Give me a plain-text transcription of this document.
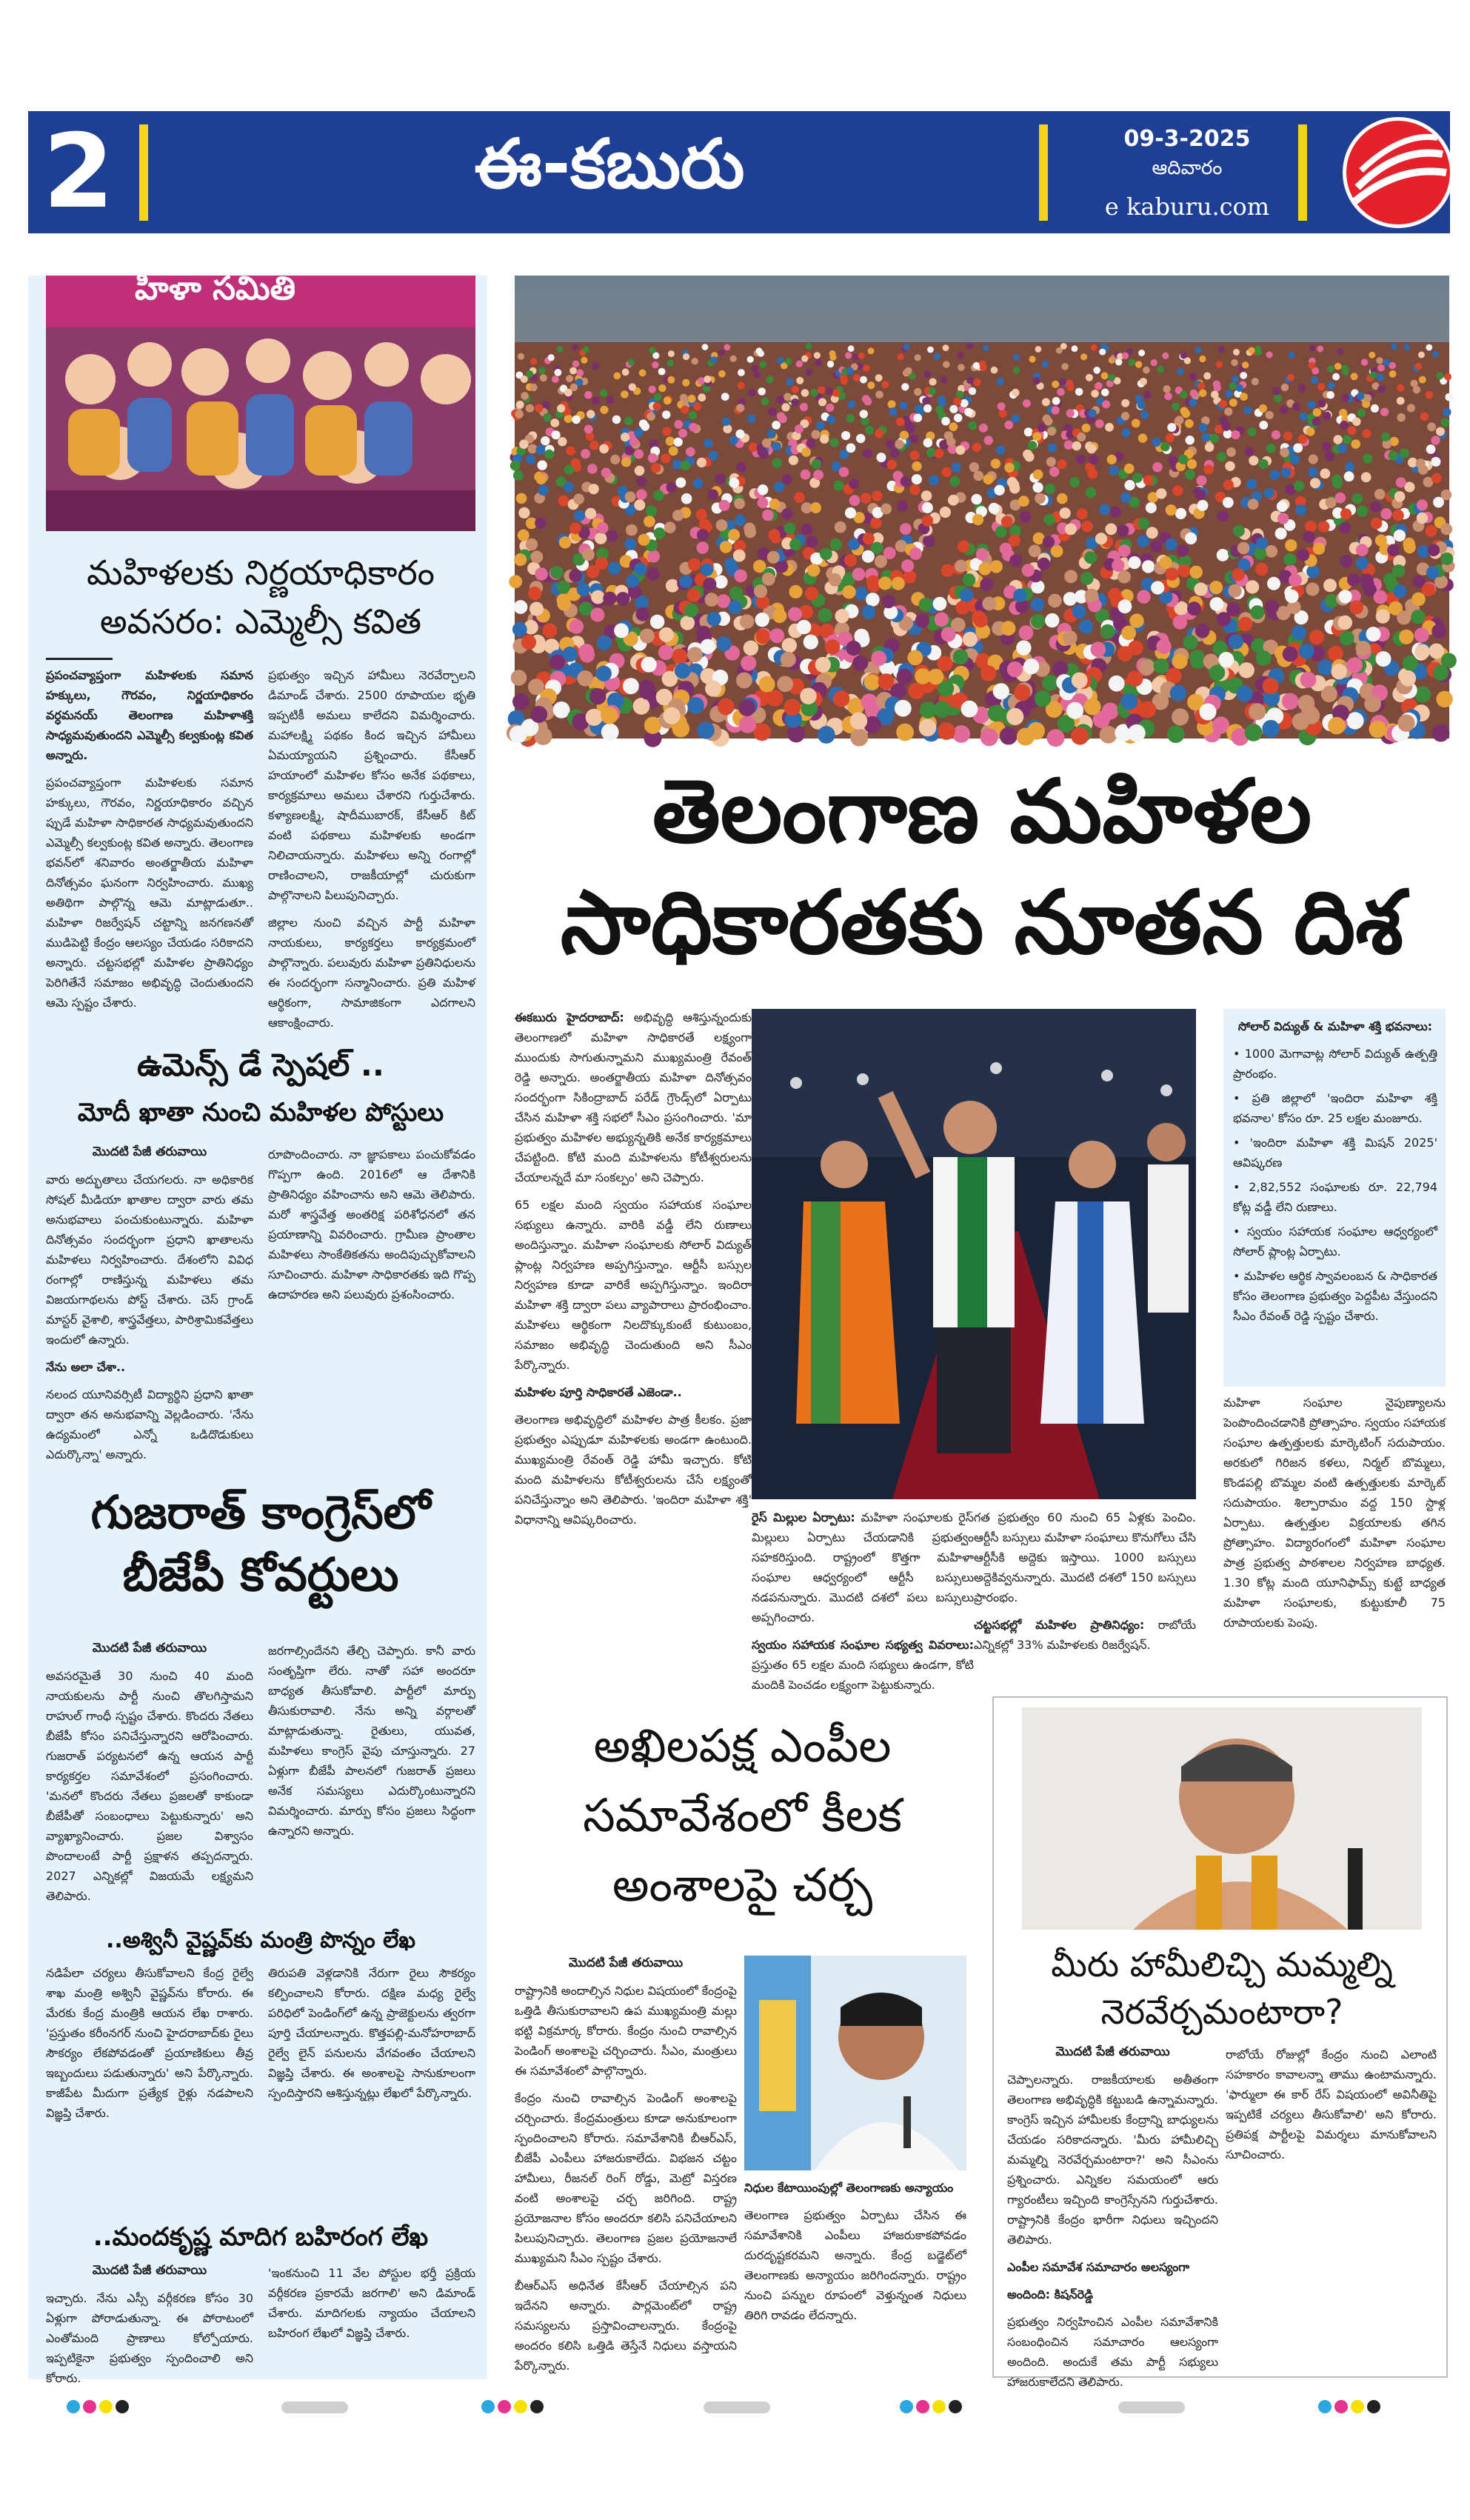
2	ఈ-కబురు	09-3-2025
ఆదివారం
e kaburu.com
హిళా సమితి
మహిళలకు నిర్ణయాధికారం
అవసరం: ఎమ్మెల్సీ కవిత

ప్రపంచవ్యాప్తంగా మహిళలకు సమాన హక్కులు, గౌరవం, నిర్ణయాధికారం వర్ధమనయ్ తెలంగాణ మహిళాశక్తి సాధ్యమవుతుందని ఎమ్మెల్సీ కల్వకుంట్ల కవిత అన్నారు.

ప్రపంచవ్యాప్తంగా మహిళలకు సమాన హక్కులు, గౌరవం, నిర్ణయాధికారం వచ్చిన ప్పుడే మహిళా సాధికారత సాధ్యమవుతుందని ఎమ్మెల్సీ కల్వకుంట్ల కవిత అన్నారు. తెలంగాణ భవన్‌లో శనివారం అంతర్జాతీయ మహిళా దినోత్సవం ఘనంగా నిర్వహించారు. ముఖ్య అతిథిగా పాల్గొన్న ఆమె మాట్లాడుతూ.. మహిళా రిజర్వేషన్ చట్టాన్ని జనగణనతో ముడిపెట్టి కేంద్రం ఆలస్యం చేయడం సరికాదని అన్నారు. చట్టసభల్లో మహిళల ప్రాతినిధ్యం పెరిగితేనే సమాజం అభివృద్ధి చెందుతుందని ఆమె స్పష్టం చేశారు.

ప్రభుత్వం ఇచ్చిన హామీలు నెరవేర్చాలని డిమాండ్ చేశారు. 2500 రూపాయల భృతి ఇప్పటికీ అమలు కాలేదని విమర్శించారు. మహాలక్ష్మి పథకం కింద ఇచ్చిన హామీలు ఏమయ్యాయని ప్రశ్నించారు. కేసీఆర్ హయాంలో మహిళల కోసం అనేక పథకాలు, కార్యక్రమాలు అమలు చేశారని గుర్తుచేశారు. కళ్యాణలక్ష్మి, షాదీముబారక్, కేసీఆర్ కిట్ వంటి పథకాలు మహిళలకు అండగా నిలిచాయన్నారు. మహిళలు అన్ని రంగాల్లో రాణించాలని, రాజకీయాల్లో చురుకుగా పాల్గొనాలని పిలుపునిచ్చారు.

జిల్లాల నుంచి వచ్చిన పార్టీ మహిళా నాయకులు, కార్యకర్తలు కార్యక్రమంలో పాల్గొన్నారు. పలువురు మహిళా ప్రతినిధులను ఈ సందర్భంగా సన్మానించారు. ప్రతి మహిళ ఆర్థికంగా, సామాజికంగా ఎదగాలని ఆకాంక్షించారు.

ఉమెన్స్ డే స్పెషల్ ..
మోదీ ఖాతా నుంచి మహిళల పోస్టులు

మొదటి పేజీ తరువాయి

వారు అద్భుతాలు చేయగలరు. నా అధికారిక సోషల్ మీడియా ఖాతాల ద్వారా వారు తమ అనుభవాలు పంచుకుంటున్నారు. మహిళా దినోత్సవం సందర్భంగా ప్రధాని ఖాతాలను మహిళలు నిర్వహించారు. దేశంలోని వివిధ రంగాల్లో రాణిస్తున్న మహిళలు తమ విజయగాథలను పోస్ట్ చేశారు. చెస్ గ్రాండ్ మాస్టర్ వైశాలి, శాస్త్రవేత్తలు, పారిశ్రామికవేత్తలు ఇందులో ఉన్నారు.

నేను అలా చేశా..

నలంద యూనివర్సిటీ విద్యార్థిని ప్రధాని ఖాతా ద్వారా తన అనుభవాన్ని వెల్లడించారు. 'నేను ఉద్యమంలో ఎన్నో ఒడిదొడుకులు ఎదుర్కొన్నా' అన్నారు.

రూపొందించారు. నా జ్ఞాపకాలు పంచుకోవడం గొప్పగా ఉంది. 2016లో ఆ దేశానికి ప్రాతినిధ్యం వహించాను అని ఆమె తెలిపారు. మరో శాస్త్రవేత్త అంతరిక్ష పరిశోధనలో తన ప్రయాణాన్ని వివరించారు. గ్రామీణ ప్రాంతాల మహిళలు సాంకేతికతను అందిపుచ్చుకోవాలని సూచించారు. మహిళా సాధికారతకు ఇది గొప్ప ఉదాహరణ అని పలువురు ప్రశంసించారు.

గుజరాత్ కాంగ్రెస్‌లో
బీజేపీ కోవర్టులు

మొదటి పేజీ తరువాయి

అవసరమైతే 30 నుంచి 40 మంది నాయకులను పార్టీ నుంచి తొలగిస్తామని రాహుల్ గాంధీ స్పష్టం చేశారు. కొందరు నేతలు బీజేపీ కోసం పనిచేస్తున్నారని ఆరోపించారు. గుజరాత్ పర్యటనలో ఉన్న ఆయన పార్టీ కార్యకర్తల సమావేశంలో ప్రసంగించారు. 'మనలో కొందరు నేతలు ప్రజలతో కాకుండా బీజేపీతో సంబంధాలు పెట్టుకున్నారు' అని వ్యాఖ్యానించారు. ప్రజల విశ్వాసం పొందాలంటే పార్టీ ప్రక్షాళన తప్పదన్నారు. 2027 ఎన్నికల్లో విజయమే లక్ష్యమని తెలిపారు.

జరగాల్సిందేనని తేల్చి చెప్పారు. కానీ వారు సంతృప్తిగా లేరు. నాతో సహా అందరూ బాధ్యత తీసుకోవాలి. పార్టీలో మార్పు తీసుకురావాలి. నేను అన్ని వర్గాలతో మాట్లాడుతున్నా. రైతులు, యువత, మహిళలు కాంగ్రెస్ వైపు చూస్తున్నారు. 27 ఏళ్లుగా బీజేపీ పాలనలో గుజరాత్ ప్రజలు అనేక సమస్యలు ఎదుర్కొంటున్నారని విమర్శించారు. మార్పు కోసం ప్రజలు సిద్ధంగా ఉన్నారని అన్నారు.

..అశ్వినీ వైష్ణవ్‌కు మంత్రి పొన్నం లేఖ

నడిపేలా చర్యలు తీసుకోవాలని కేంద్ర రైల్వే శాఖ మంత్రి అశ్వినీ వైష్ణవ్‌ను కోరారు. ఈ మేరకు కేంద్ర మంత్రికి ఆయన లేఖ రాశారు. 'ప్రస్తుతం కరీంనగర్ నుంచి హైదరాబాద్‌కు రైలు సౌకర్యం లేకపోవడంతో ప్రయాణికులు తీవ్ర ఇబ్బందులు పడుతున్నారు' అని పేర్కొన్నారు. కాజీపేట మీదుగా ప్రత్యేక రైళ్లు నడపాలని విజ్ఞప్తి చేశారు.

తిరుపతి వెళ్లడానికి నేరుగా రైలు సౌకర్యం కల్పించాలని కోరారు. దక్షిణ మధ్య రైల్వే పరిధిలో పెండింగ్‌లో ఉన్న ప్రాజెక్టులను త్వరగా పూర్తి చేయాలన్నారు. కొత్తపల్లి-మనోహరాబాద్ రైల్వే లైన్ పనులను వేగవంతం చేయాలని విజ్ఞప్తి చేశారు. ఈ అంశాలపై సానుకూలంగా స్పందిస్తారని ఆశిస్తున్నట్లు లేఖలో పేర్కొన్నారు.

..మందకృష్ణ మాదిగ బహిరంగ లేఖ

మొదటి పేజీ తరువాయి

ఇచ్చారు. నేను ఎస్సీ వర్గీకరణ కోసం 30 ఏళ్లుగా పోరాడుతున్నా. ఈ పోరాటంలో ఎంతోమంది ప్రాణాలు కోల్పోయారు. ఇప్పటికైనా ప్రభుత్వం స్పందించాలి అని కోరారు.

'ఇంకనుంచి 11 వేల పోస్టుల భర్తీ ప్రక్రియ వర్గీకరణ ప్రకారమే జరగాలి' అని డిమాండ్ చేశారు. మాదిగలకు న్యాయం చేయాలని బహిరంగ లేఖలో విజ్ఞప్తి చేశారు.

తెలంగాణ మహిళల
సాధికారతకు నూతన దిశ

ఈకబురు హైదరాబాద్: అభివృద్ధి ఆశిస్తున్నందుకు తెలంగాణలో మహిళా సాధికారతే లక్ష్యంగా ముందుకు సాగుతున్నామని ముఖ్యమంత్రి రేవంత్ రెడ్డి అన్నారు. అంతర్జాతీయ మహిళా దినోత్సవం సందర్భంగా సికింద్రాబాద్ పరేడ్ గ్రౌండ్స్‌లో ఏర్పాటు చేసిన మహిళా శక్తి సభలో సీఎం ప్రసంగించారు. 'మా ప్రభుత్వం మహిళల అభ్యున్నతికి అనేక కార్యక్రమాలు చేపట్టింది. కోటి మంది మహిళలను కోటీశ్వరులను చేయాలన్నదే మా సంకల్పం' అని చెప్పారు.

65 లక్షల మంది స్వయం సహాయక సంఘాల సభ్యులు ఉన్నారు. వారికి వడ్డీ లేని రుణాలు అందిస్తున్నాం. మహిళా సంఘాలకు సోలార్ విద్యుత్ ప్లాంట్ల నిర్వహణ అప్పగిస్తున్నాం. ఆర్టీసీ బస్సుల నిర్వహణ కూడా వారికే అప్పగిస్తున్నాం. ఇందిరా మహిళా శక్తి ద్వారా పలు వ్యాపారాలు ప్రారంభించాం. మహిళలు ఆర్థికంగా నిలదొక్కుకుంటే కుటుంబం, సమాజం అభివృద్ధి చెందుతుంది అని సీఎం పేర్కొన్నారు.

మహిళల పూర్తి సాధికారతే ఎజెండా..

తెలంగాణ అభివృద్ధిలో మహిళల పాత్ర కీలకం. ప్రజా ప్రభుత్వం ఎప్పుడూ మహిళలకు అండగా ఉంటుంది. ముఖ్యమంత్రి రేవంత్ రెడ్డి హామీ ఇచ్చారు. కోటి మంది మహిళలను కోటీశ్వరులను చేసే లక్ష్యంతో పనిచేస్తున్నాం అని తెలిపారు. 'ఇందిరా మహిళా శక్తి' విధానాన్ని ఆవిష్కరించారు.

సోలార్ విద్యుత్ & మహిళా శక్తి భవనాలు:

• 1000 మెగావాట్ల సోలార్ విద్యుత్ ఉత్పత్తి ప్రారంభం.
• ప్రతి జిల్లాలో 'ఇందిరా మహిళా శక్తి భవనాల' కోసం రూ. 25 లక్షల మంజూరు.
• 'ఇందిరా మహిళా శక్తి మిషన్ 2025' ఆవిష్కరణ
• 2,82,552 సంఘాలకు రూ. 22,794 కోట్ల వడ్డీ లేని రుణాలు.
• స్వయం సహాయక సంఘాల ఆధ్వర్యంలో సోలార్ ప్లాంట్ల ఏర్పాటు.
• మహిళల ఆర్థిక స్వావలంబన & సాధికారత కోసం తెలంగాణ ప్రభుత్వం పెద్దపీట వేస్తుందని సీఎం రేవంత్ రెడ్డి స్పష్టం చేశారు.

మహిళా సంఘాల నైపుణ్యాలను పెంపొందించడానికి ప్రోత్సాహం. స్వయం సహాయక సంఘాల ఉత్పత్తులకు మార్కెటింగ్ సదుపాయం. అరకులో గిరిజన కళలు, నిర్మల్ బొమ్మలు, కొండపల్లి బొమ్మల వంటి ఉత్పత్తులకు మార్కెట్ సదుపాయం. శిల్పారామం వద్ద 150 స్టాళ్ల ఏర్పాటు. ఉత్పత్తుల విక్రయాలకు తగిన ప్రోత్సాహం. విద్యారంగంలో మహిళా సంఘాల పాత్ర ప్రభుత్వ పాఠశాలల నిర్వహణ బాధ్యత. 1.30 కోట్ల మంది యూనిఫామ్స్ కుట్టే బాధ్యత మహిళా సంఘాలకు, కుట్టుకూలీ 75 రూపాయలకు పెంపు.

రైస్ మిల్లుల ఏర్పాటు: మహిళా సంఘాలకు రైస్ మిల్లులు ఏర్పాటు చేయడానికి ప్రభుత్వం సహకరిస్తుంది. రాష్ట్రంలో కొత్తగా మహిళా సంఘాల ఆధ్వర్యంలో ఆర్టీసీ బస్సులు నడపనున్నారు. మొదటి దశలో పలు బస్సులు అప్పగించారు.

స్వయం సహాయక సంఘాల సభ్యత్వ వివరాలు: ప్రస్తుతం 65 లక్షల మంది సభ్యులు ఉండగా, కోటి మందికి పెంచడం లక్ష్యంగా పెట్టుకున్నారు.

గత ప్రభుత్వం 60 నుంచి 65 ఏళ్లకు పెంచిం. ఆర్టీసీ బస్సులు మహిళా సంఘాలు కొనుగోలు చేసి ఆర్టీసీకి అద్దెకు ఇస్తాయి. 1000 బస్సులు అద్దెకివ్వనున్నారు. మొదటి దశలో 150 బస్సులు ప్రారంభం.

చట్టసభల్లో మహిళల ప్రాతినిధ్యం: రాబోయే ఎన్నికల్లో 33% మహిళలకు రిజర్వేషన్.

అఖిలపక్ష ఎంపీల
సమావేశంలో కీలక
అంశాలపై చర్చ

మొదటి పేజీ తరువాయి

రాష్ట్రానికి అందాల్సిన నిధుల విషయంలో కేంద్రంపై ఒత్తిడి తీసుకురావాలని ఉప ముఖ్యమంత్రి మల్లు భట్టి విక్రమార్క కోరారు. కేంద్రం నుంచి రావాల్సిన పెండింగ్ అంశాలపై చర్చించారు. సీఎం, మంత్రులు ఈ సమావేశంలో పాల్గొన్నారు.

కేంద్రం నుంచి రావాల్సిన పెండింగ్ అంశాలపై చర్చించారు. కేంద్రమంత్రులు కూడా అనుకూలంగా స్పందించాలని కోరారు. సమావేశానికి బీఆర్ఎస్, బీజేపీ ఎంపీలు హాజరుకాలేదు. విభజన చట్టం హామీలు, రీజనల్ రింగ్ రోడ్డు, మెట్రో విస్తరణ వంటి అంశాలపై చర్చ జరిగింది. రాష్ట్ర ప్రయోజనాల కోసం అందరూ కలిసి పనిచేయాలని పిలుపునిచ్చారు. తెలంగాణ ప్రజల ప్రయోజనాలే ముఖ్యమని సీఎం స్పష్టం చేశారు.

బీఆర్ఎస్ అధినేత కేసీఆర్ చేయాల్సిన పని ఇదేనని అన్నారు. పార్లమెంట్‌లో రాష్ట్ర సమస్యలను ప్రస్తావించాలన్నారు. కేంద్రంపై అందరం కలిసి ఒత్తిడి తెస్తేనే నిధులు వస్తాయని పేర్కొన్నారు.

నిధుల కేటాయింపుల్లో తెలంగాణకు అన్యాయం

తెలంగాణ ప్రభుత్వం ఏర్పాటు చేసిన ఈ సమావేశానికి ఎంపీలు హాజరుకాకపోవడం దురదృష్టకరమని అన్నారు. కేంద్ర బడ్జెట్‌లో తెలంగాణకు అన్యాయం జరిగిందన్నారు. రాష్ట్రం నుంచి పన్నుల రూపంలో వెళ్తున్నంత నిధులు తిరిగి రావడం లేదన్నారు.

మీరు హామీలిచ్చి మమ్మల్ని
నెరవేర్చమంటారా?

మొదటి పేజీ తరువాయి

చెప్పాలన్నారు. రాజకీయాలకు అతీతంగా తెలంగాణ అభివృద్ధికి కట్టుబడి ఉన్నామన్నారు. కాంగ్రెస్ ఇచ్చిన హామీలకు కేంద్రాన్ని బాధ్యులను చేయడం సరికాదన్నారు. 'మీరు హామీలిచ్చి మమ్మల్ని నెరవేర్చమంటారా?' అని సీఎంను ప్రశ్నించారు. ఎన్నికల సమయంలో ఆరు గ్యారంటీలు ఇచ్చింది కాంగ్రెస్సేనని గుర్తుచేశారు. రాష్ట్రానికి కేంద్రం భారీగా నిధులు ఇచ్చిందని తెలిపారు.

ఎంపీల సమావేశ సమాచారం అలస్యంగా

అందింది: కిషన్‌రెడ్డి

ప్రభుత్వం నిర్వహించిన ఎంపీల సమావేశానికి సంబంధించిన సమాచారం ఆలస్యంగా అందింది. అందుకే తమ పార్టీ సభ్యులు హాజరుకాలేదని తెలిపారు.

రాబోయే రోజుల్లో కేంద్రం నుంచి ఎలాంటి సహకారం కావాలన్నా తాము ఉంటామన్నారు. 'ఫార్ములా ఈ కార్ రేస్ విషయంలో అవినీతిపై ఇప్పటికే చర్యలు తీసుకోవాలి' అని కోరారు. ప్రతిపక్ష పార్టీలపై విమర్శలు మానుకోవాలని సూచించారు.
